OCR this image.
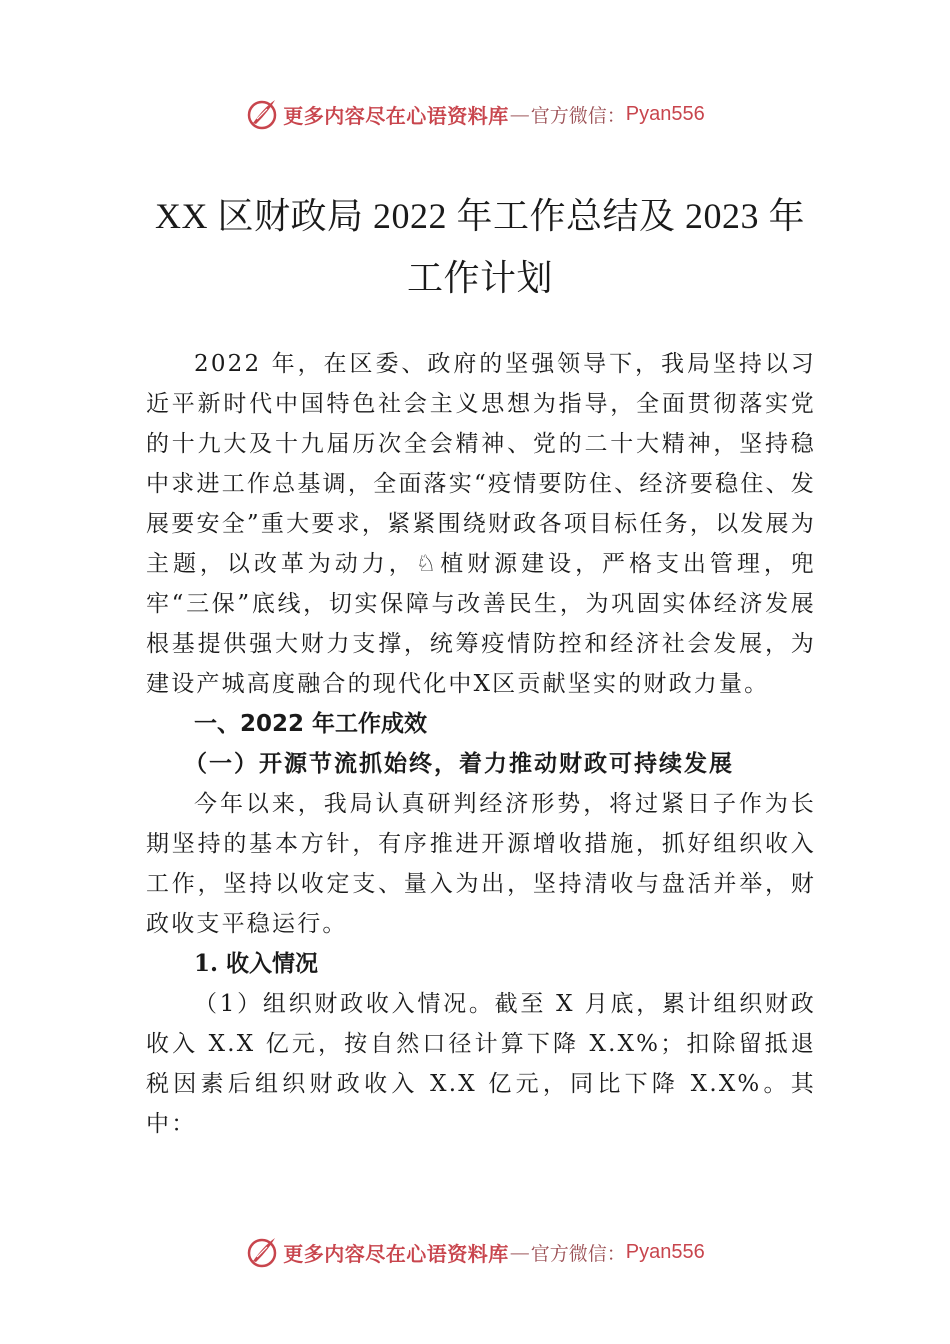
更多内容尽在心语资料库 — 官方微信： Pyan556
XX 区财政局 2022 年工作总结及 2023 年
工作计划

2022 年，在区委、政府的坚强领导下，我局坚持以习近平新时代中国特色社会主义思想为指导，全面贯彻落实党的十九大及十九届历次全会精神、党的二十大精神，坚持稳中求进工作总基调，全面落实“疫情要防住、经济要稳住、发展要安全”重大要求，紧紧围绕财政各项目标任务，以发展为主题，以改革为动力，♘植财源建设，严格支出管理，兜牢“三保”底线，切实保障与改善民生，为巩固实体经济发展根基提供强大财力支撑，统筹疫情防控和经济社会发展，为建设产城高度融合的现代化中X区贡献坚实的财政力量。

一、2022 年工作成效

（一）开源节流抓始终，着力推动财政可持续发展

今年以来，我局认真研判经济形势，将过紧日子作为长期坚持的基本方针，有序推进开源增收措施，抓好组织收入工作，坚持以收定支、量入为出，坚持清收与盘活并举，财政收支平稳运行。

1. 收入情况

（1）组织财政收入情况。截至 X 月底，累计组织财政收入 X.X 亿元，按自然口径计算下降 X.X%；扣除留抵退税因素后组织财政收入 X.X 亿元，同比下降 X.X%。其中：

更多内容尽在心语资料库 — 官方微信： Pyan556
